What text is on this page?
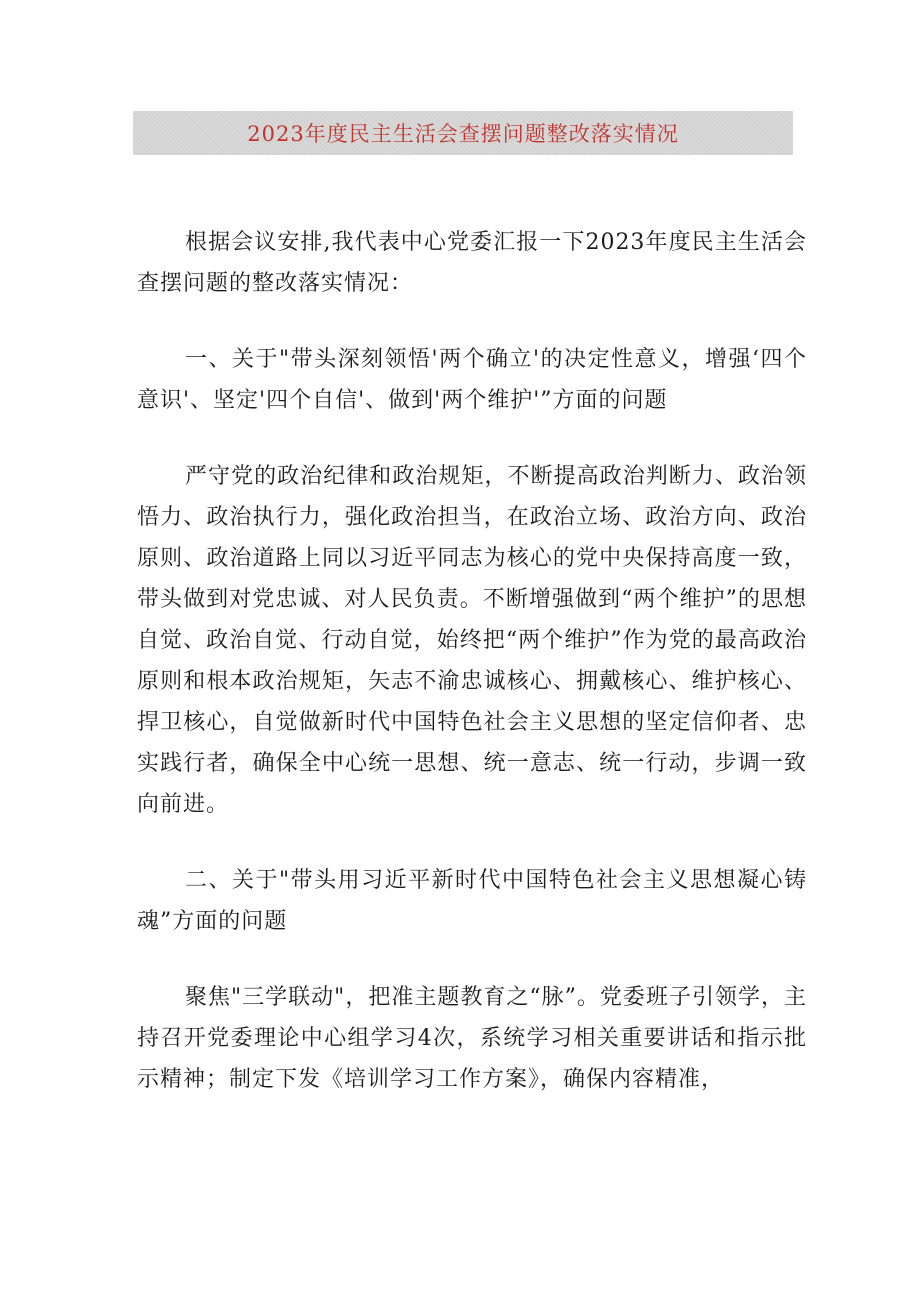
2023年度民主生活会查摆问题整改落实情况

根据会议安排,我代表中心党委汇报一下2023年度民主生活会查摆问题的整改落实情况：

一、关于"带头深刻领悟'两个确立'的决定性意义，增强‘四个意识'、坚定'四个自信'、做到'两个维护'”方面的问题

严守党的政治纪律和政治规矩，不断提高政治判断力、政治领悟力、政治执行力，强化政治担当，在政治立场、政治方向、政治原则、政治道路上同以习近平同志为核心的党中央保持高度一致，带头做到对党忠诚、对人民负责。不断增强做到“两个维护”的思想自觉、政治自觉、行动自觉，始终把“两个维护”作为党的最高政治原则和根本政治规矩，矢志不渝忠诚核心、拥戴核心、维护核心、捍卫核心，自觉做新时代中国特色社会主义思想的坚定信仰者、忠实践行者，确保全中心统一思想、统一意志、统一行动，步调一致向前进。

二、关于"带头用习近平新时代中国特色社会主义思想凝心铸魂”方面的问题

聚焦"三学联动"，把准主题教育之“脉”。党委班子引领学，主持召开党委理论中心组学习4次，系统学习相关重要讲话和指示批示精神；制定下发《培训学习工作方案》，确保内容精准，
